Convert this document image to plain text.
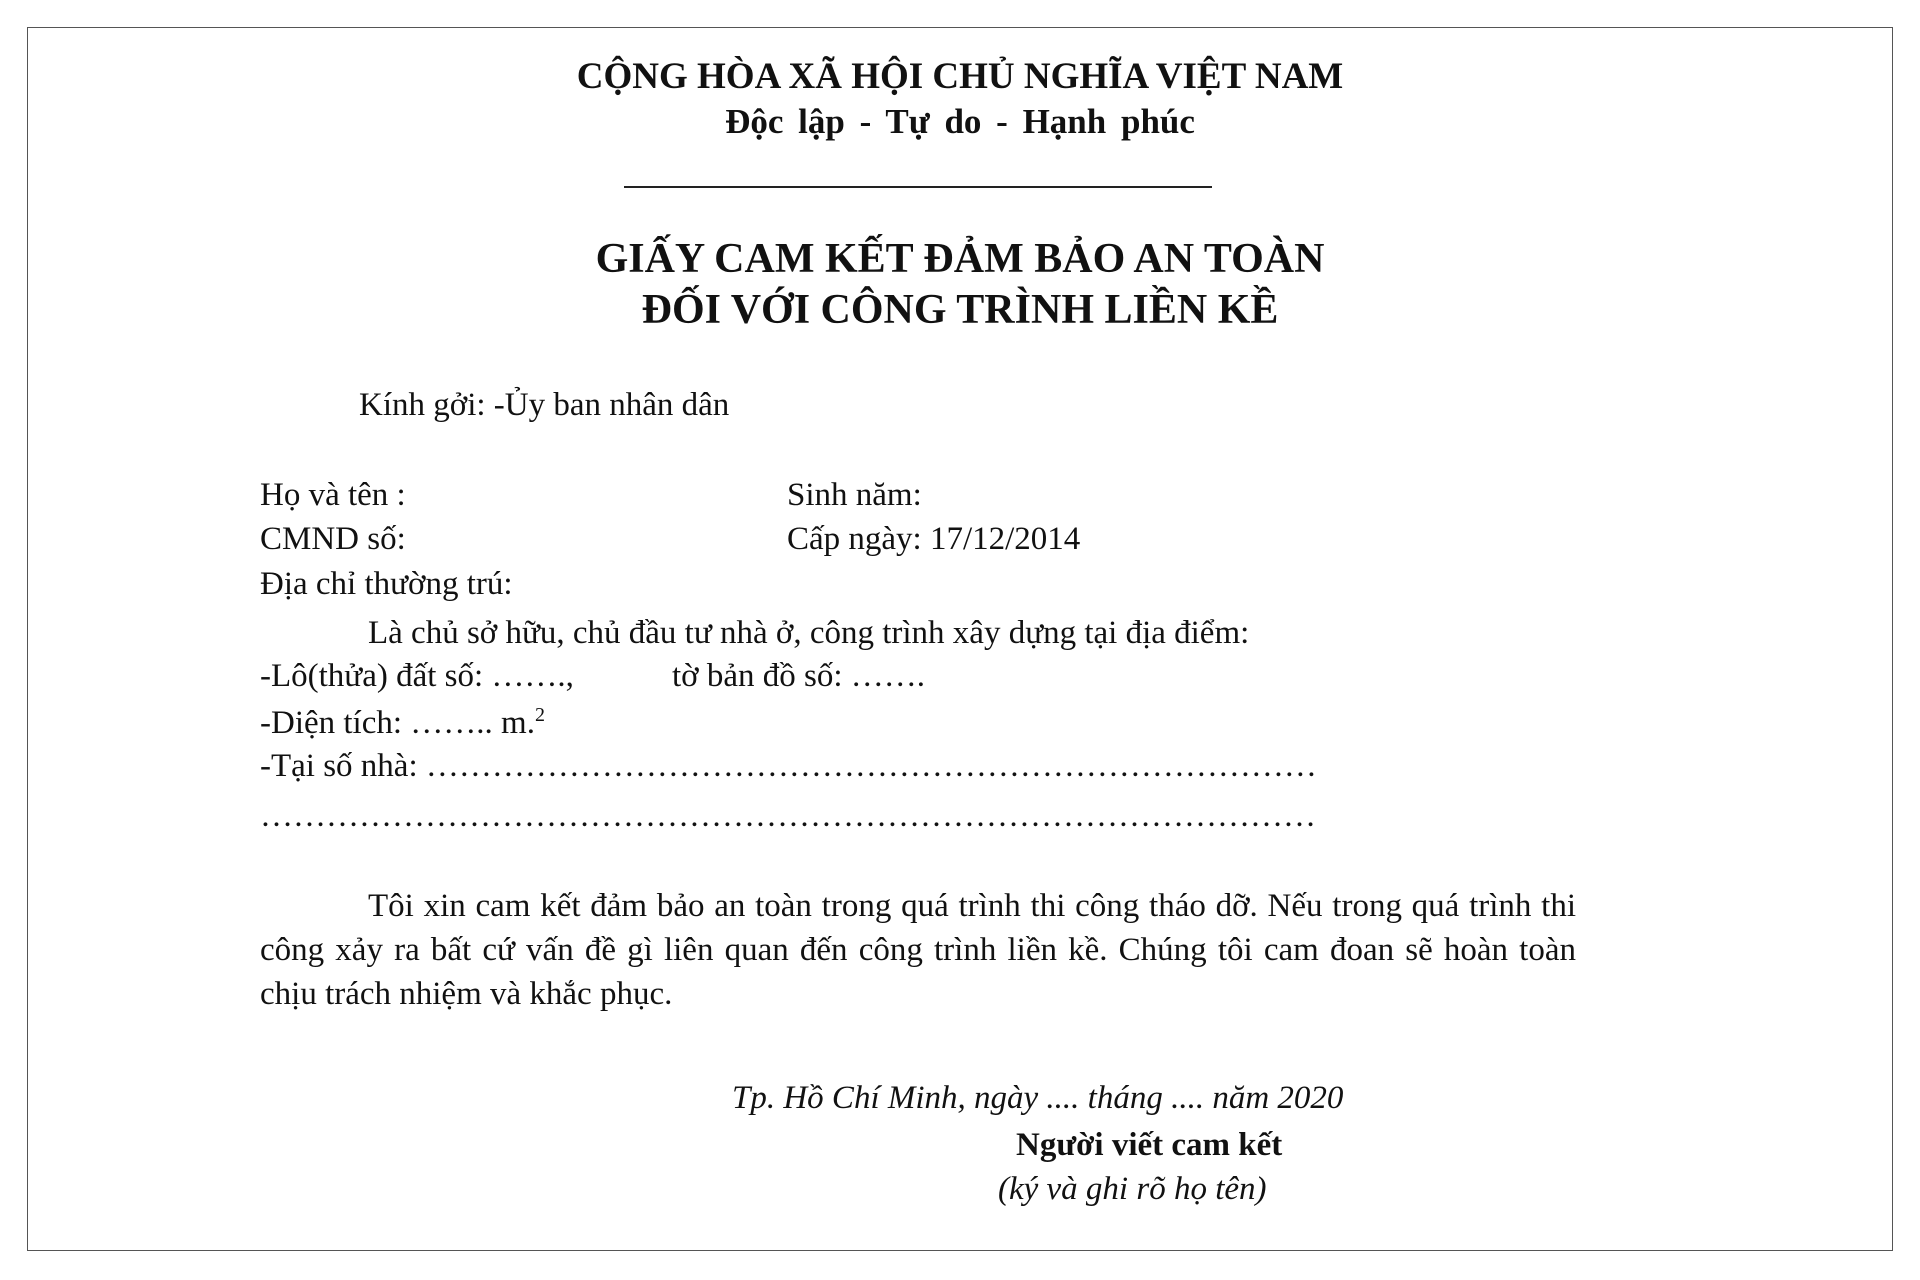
CỘNG HÒA XÃ HỘI CHỦ NGHĨA VIỆT NAM
Độc lập - Tự do - Hạnh phúc
GIẤY CAM KẾT ĐẢM BẢO AN TOÀN
ĐỐI VỚI CÔNG TRÌNH LIỀN KỀ
Kính gởi: -Ủy ban nhân dân
Họ và tên :	Sinh năm:
CMND số:	Cấp ngày: 17/12/2014
Địa chỉ thường trú:
Là chủ sở hữu, chủ đầu tư nhà ở, công trình xây dựng tại địa điểm:
-Lô(thửa) đất số: …….,	tờ bản đồ số: …….
-Diện tích: …….. m.$^2$
-Tại số nhà: ………………………………………………………………………
……………………………………………………………………………………
Tôi xin cam kết đảm bảo an toàn trong quá trình thi công tháo dỡ. Nếu trong quá trình thi công xảy ra bất cứ vấn đề gì liên quan đến công trình liền kề. Chúng tôi cam đoan sẽ hoàn toàn chịu trách nhiệm và khắc phục.
Tp. Hồ Chí Minh, ngày .... tháng .... năm 2020
Người viết cam kết
(ký và ghi rõ họ tên)
